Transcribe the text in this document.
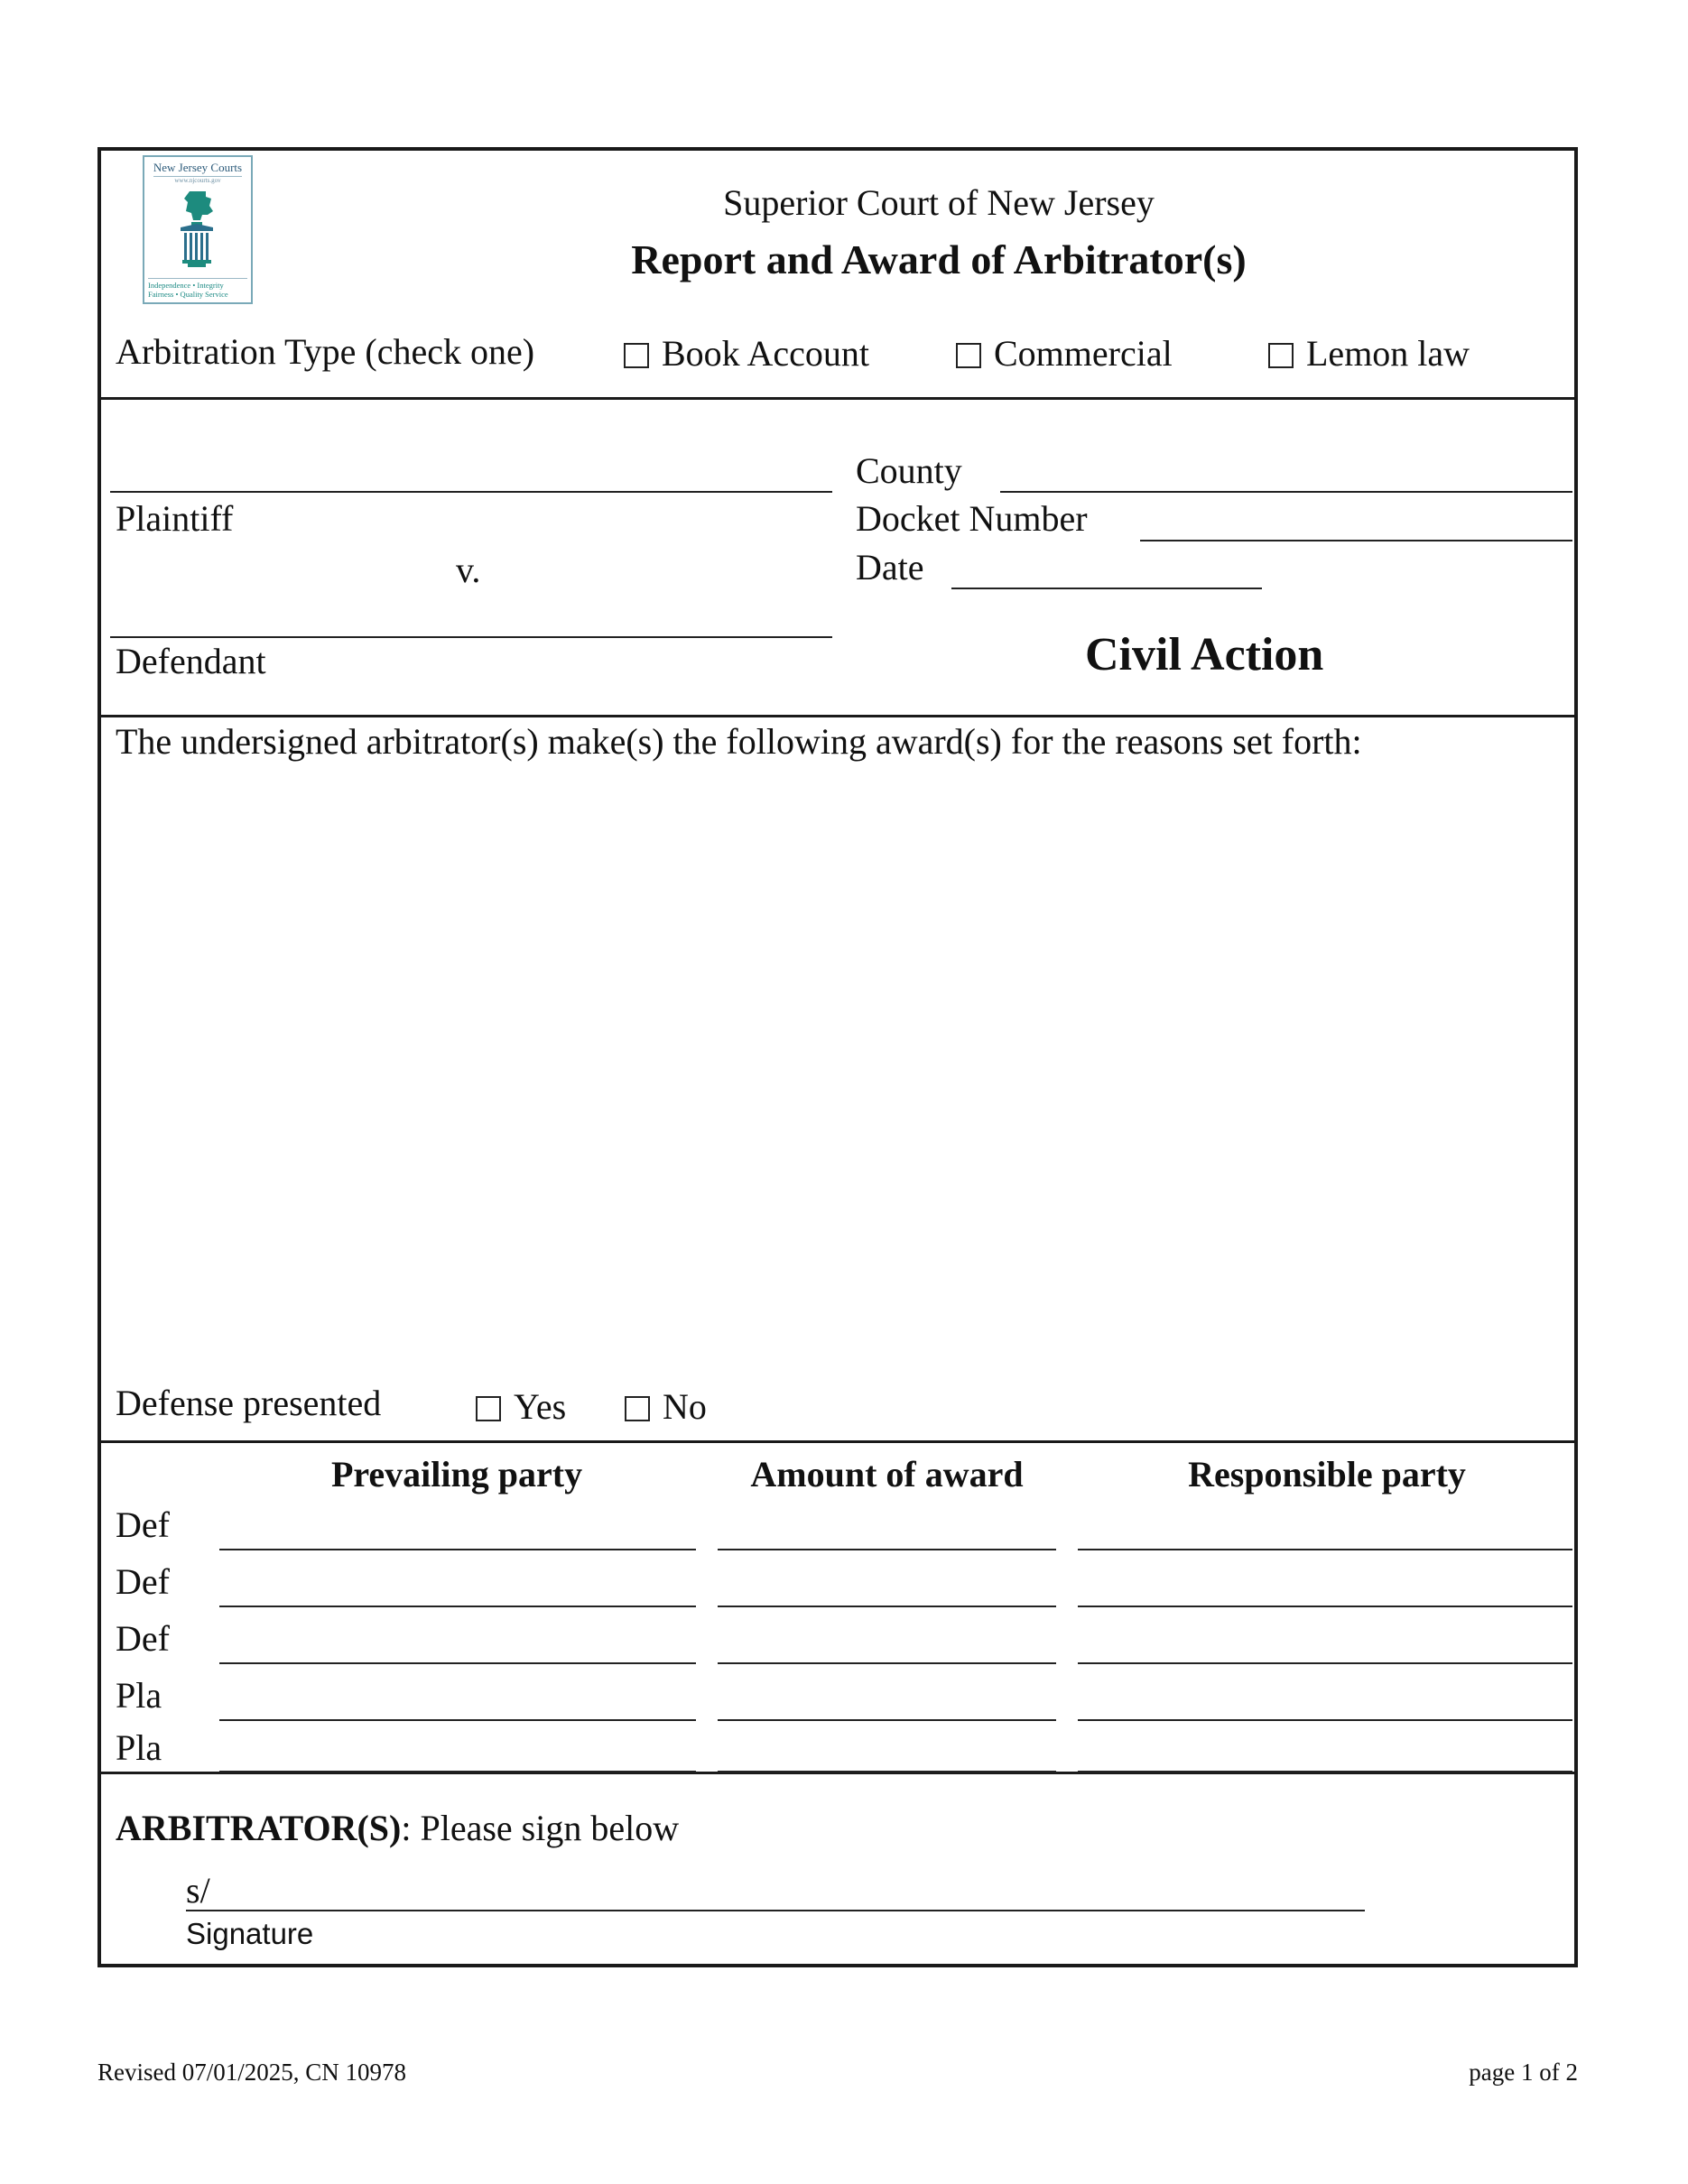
New Jersey Courts
www.njcourts.gov
Independence • Integrity
Fairness • Quality Service
Superior Court of New Jersey
Report and Award of Arbitrator(s)
Arbitration Type (check one)	Book Account	Commercial	Lemon law
Plaintiff
v.
Defendant
County
Docket Number
Date
Civil Action
The undersigned arbitrator(s) make(s) the following award(s) for the reasons set forth:
Defense presented	Yes	No
Prevailing party	Amount of award	Responsible party
Def
Def
Def
Pla
Pla
ARBITRATOR(S): Please sign below
s/
Signature
Revised 07/01/2025, CN 10978	page 1 of 2
